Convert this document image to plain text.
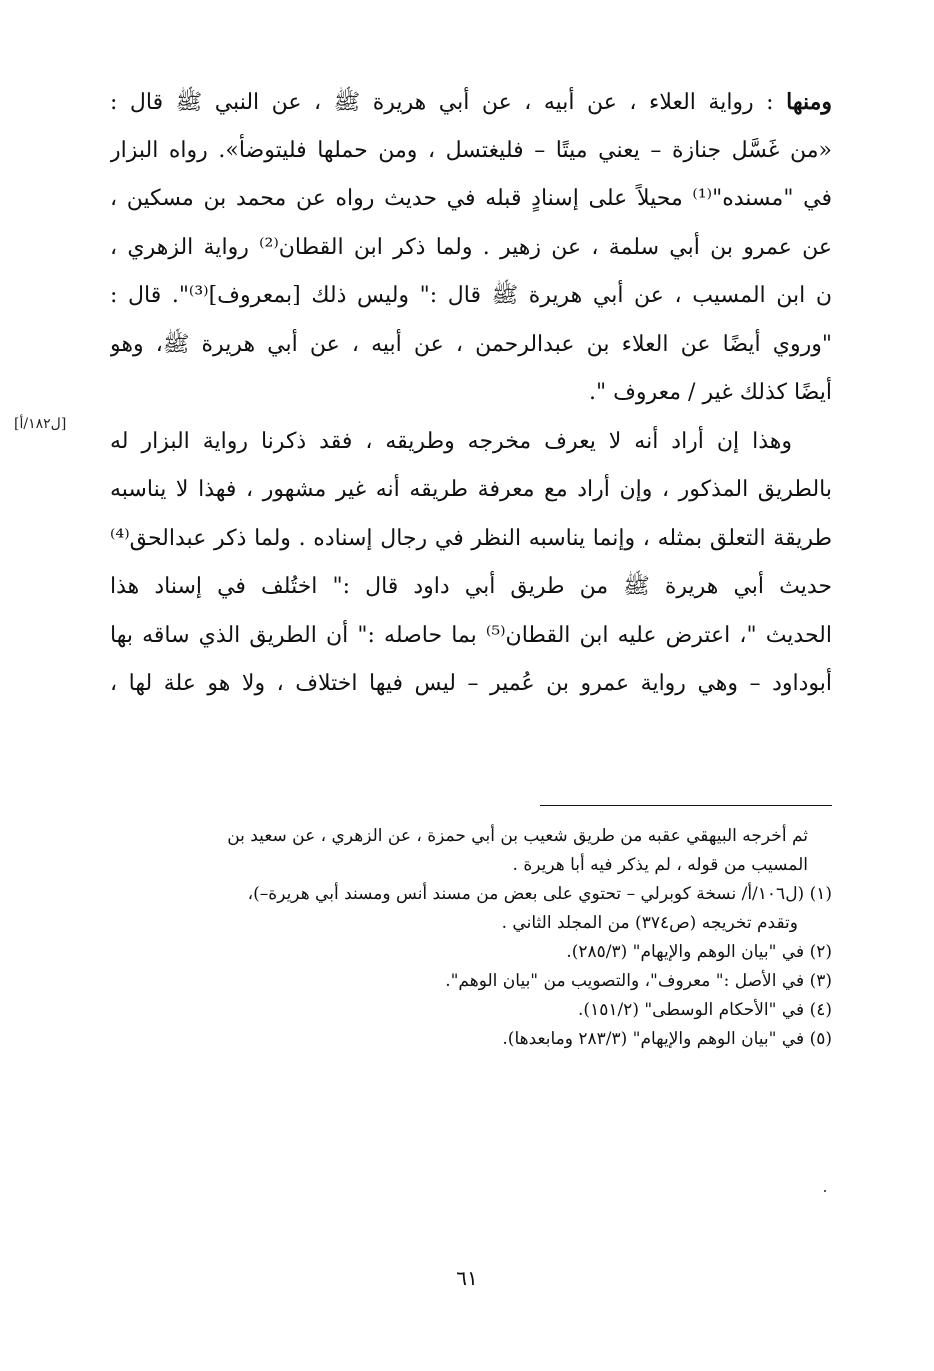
ومنها : رواية العلاء ، عن أبيه ، عن أبي هريرة ﷺ ، عن النبي ﷺ قال :
«من غَسَّل جنازة – يعني ميتًا – فليغتسل ، ومن حملها فليتوضأ». رواه البزار
في "مسنده"⁽¹⁾ محيلاً على إسنادٍ قبله في حديث رواه عن محمد بن مسكين ،
عن عمرو بن أبي سلمة ، عن زهير . ولما ذكر ابن القطان⁽²⁾ رواية الزهري ،
ن ابن المسيب ، عن أبي هريرة ﷺ قال :" وليس ذلك [بمعروف]⁽³⁾". قال :
"وروي أيضًا عن العلاء بن عبدالرحمن ، عن أبيه ، عن أبي هريرة ﷺ، وهو
أيضًا كذلك غير / معروف ".
وهذا إن أراد أنه لا يعرف مخرجه وطريقه ، فقد ذكرنا رواية البزار له
بالطريق المذكور ، وإن أراد مع معرفة طريقه أنه غير مشهور ، فهذا لا يناسبه
طريقة التعلق بمثله ، وإنما يناسبه النظر في رجال إسناده . ولما ذكر عبدالحق⁽⁴⁾
حديث أبي هريرة ﷺ من طريق أبي داود قال :" اختُلف في إسناد هذا
الحديث "، اعترض عليه ابن القطان⁽⁵⁾ بما حاصله :" أن الطريق الذي ساقه بها
أبوداود – وهي رواية عمرو بن عُمير – ليس فيها اختلاف ، ولا هو علة لها ،
[ل١٨٢/أ]
ثم أخرجه البيهقي عقبه من طريق شعيب بن أبي حمزة ، عن الزهري ، عن سعيد بن
المسيب من قوله ، لم يذكر فيه أبا هريرة .
(١) (ل١٠٦/أ/ نسخة كوبرلي – تحتوي على بعض من مسند أنس ومسند أبي هريرة–)،
وتقدم تخريجه (ص٣٧٤) من المجلد الثاني .
(٢) في "بيان الوهم والإيهام" (٢٨٥/٣).
(٣) في الأصل :" معروف"، والتصويب من "بيان الوهم".
(٤) في "الأحكام الوسطى" (١٥١/٢).
(٥) في "بيان الوهم والإيهام" (٢٨٣/٣ ومابعدها).
٦١
